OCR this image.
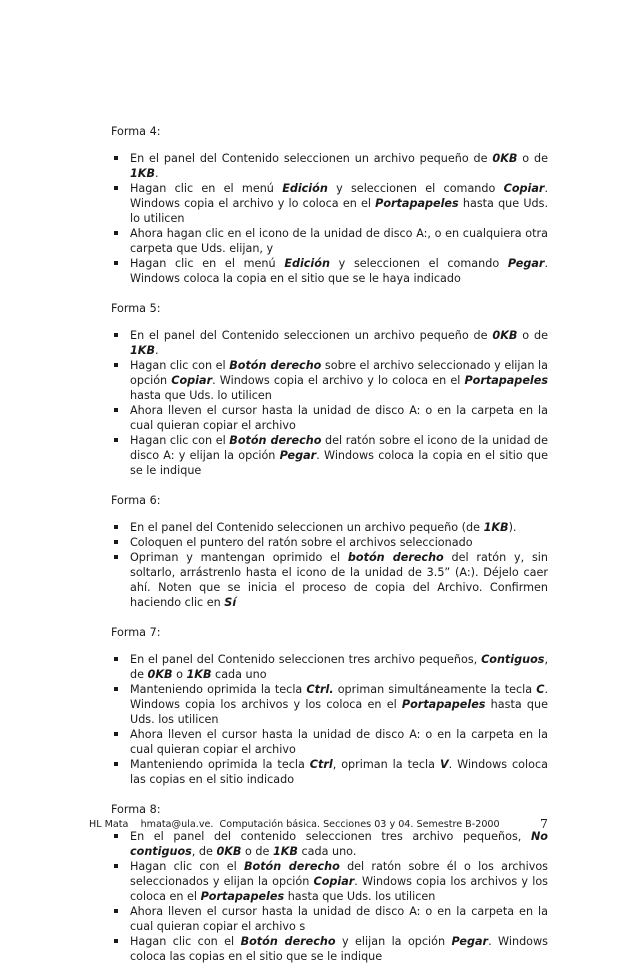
Forma 4:

En el panel del Contenido seleccionen un archivo pequeño de 0KB o de 1KB.
Hagan clic en el menú Edición y seleccionen el comando Copiar. Windows copia el archivo y lo coloca en el Portapapeles hasta que Uds. lo utilicen
Ahora hagan clic en el icono de la unidad de disco A:, o en cualquiera otra carpeta que Uds. elijan, y
Hagan clic en el menú Edición y seleccionen el comando Pegar. Windows coloca la copia en el sitio que se le haya indicado

Forma 5:

En el panel del Contenido seleccionen un archivo pequeño de 0KB o de 1KB.
Hagan clic con el Botón derecho sobre el archivo seleccionado y elijan la opción Copiar. Windows copia el archivo y lo coloca en el Portapapeles hasta que Uds. lo utilicen
Ahora lleven el cursor hasta la unidad de disco A: o en la carpeta en la cual quieran copiar el archivo
Hagan clic con el Botón derecho del ratón sobre el icono de la unidad de disco A: y elijan la opción Pegar. Windows coloca la copia en el sitio que se le indique

Forma 6:

En el panel del Contenido seleccionen un archivo pequeño (de 1KB).
Coloquen el puntero del ratón sobre el archivos seleccionado
Opriman y mantengan oprimido el botón derecho del ratón y, sin soltarlo, arrástrenlo hasta el icono de la unidad de 3.5” (A:). Déjelo caer ahí. Noten que se inicia el proceso de copia del Archivo. Confirmen haciendo clic en Sí

Forma 7:

En el panel del Contenido seleccionen tres archivo pequeños, Contiguos, de 0KB o 1KB cada uno
Manteniendo oprimida la tecla Ctrl. opriman simultáneamente la tecla C. Windows copia los archivos y los coloca en el Portapapeles hasta que Uds. los utilicen
Ahora lleven el cursor hasta la unidad de disco A: o en la carpeta en la cual quieran copiar el archivo
Manteniendo oprimida la tecla Ctrl, opriman la tecla V. Windows coloca las copias en el sitio indicado

Forma 8:

En el panel del contenido seleccionen tres archivo pequeños, No contiguos, de 0KB o de 1KB cada uno.
Hagan clic con el Botón derecho del ratón sobre él o los archivos seleccionados y elijan la opción Copiar. Windows copia los archivos y los coloca en el Portapapeles hasta que Uds. los utilicen
Ahora lleven el cursor hasta la unidad de disco A: o en la carpeta en la cual quieran copiar el archivo s
Hagan clic con el Botón derecho y elijan la opción Pegar. Windows coloca las copias en el sitio que se le indique
HL Mata    hmata@ula.ve.  Computación básica. Secciones 03 y 04. Semestre B-2000	7
